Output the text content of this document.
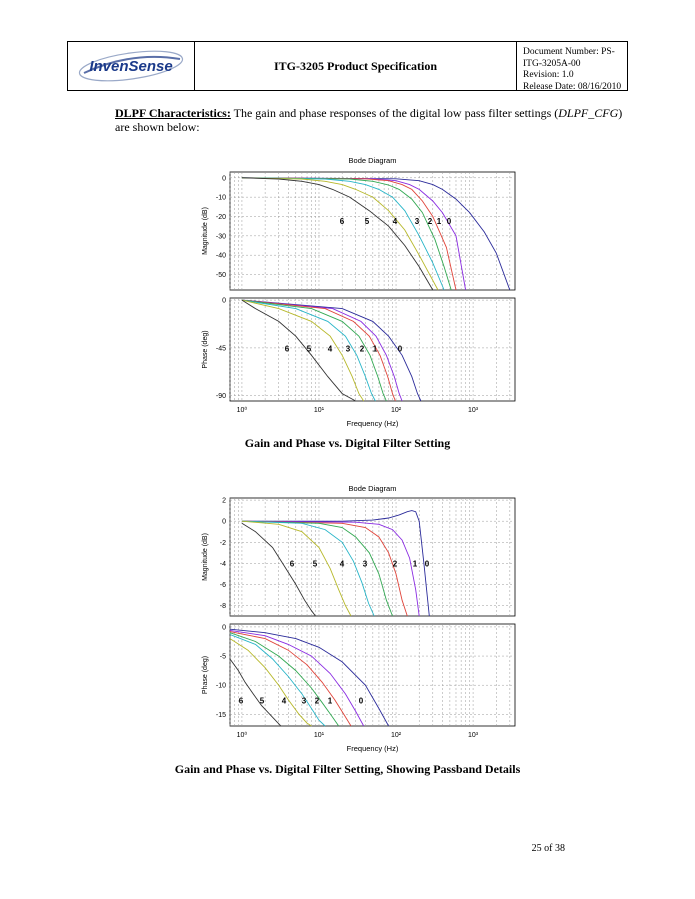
InvenSense	ITG-3205 Product Specification
Document Number: PS-ITG-3205A-00
Revision: 1.0
Release Date: 08/16/2010
DLPF Characteristics: The gain and phase responses of the digital low pass filter settings (DLPF_CFG) are shown below:
Bode Diagram
0
-10
-20
-30
-40
-50
Magnitude (dB)	6	5	4 3 2 1 0
0
-45
-90
Phase (deg)	6 5 4 3 2 1	0
10⁰	10¹	10²	10³
Frequency (Hz)
Gain and Phase vs. Digital Filter Setting
Bode Diagram
2
0
-2
-4
-6
-8
Magnitude (dB)	6 5	4 3	2 1 0
0
-5
-10
-15
Phase (deg)
6 5 4 3 2 1	0
10⁰	10¹	10²	10³
Frequency (Hz)
Gain and Phase vs. Digital Filter Setting, Showing Passband Details
25 of 38
